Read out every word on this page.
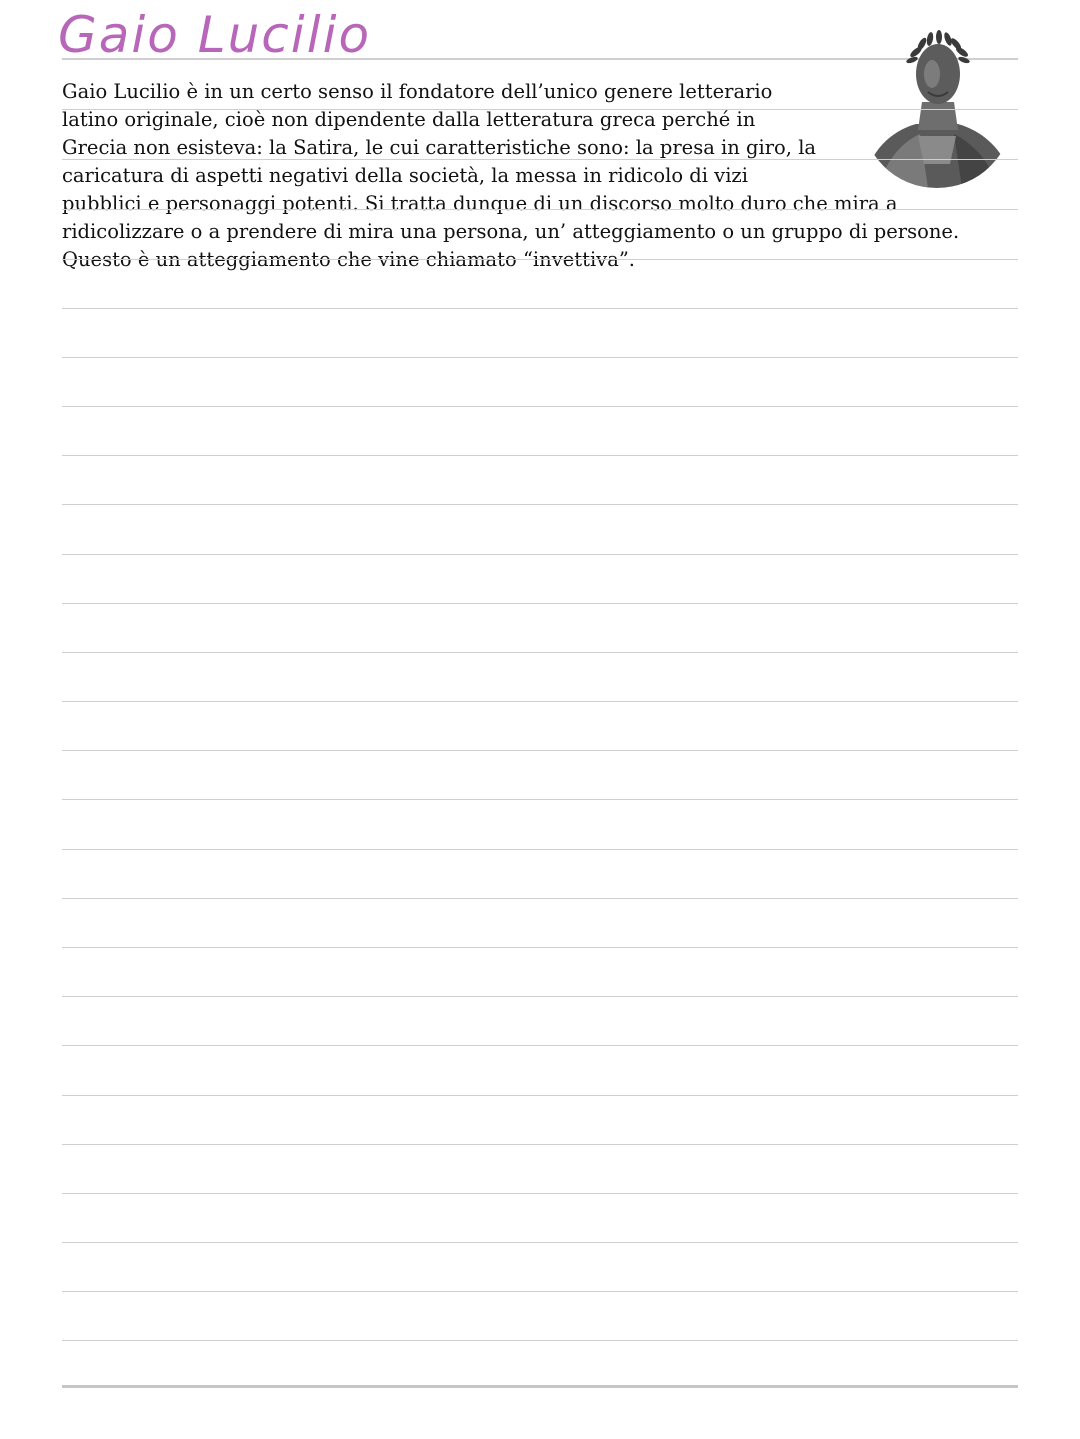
Gaio Lucilio

Gaio Lucilio è in un certo senso il fondatore dell’unico genere letterario latino originale, cioè non dipendente dalla letteratura greca perché in Grecia non esisteva: la Satira, le cui caratteristiche sono: la presa in giro, la caricatura di aspetti negativi della società, la messa in ridicolo di vizi pubblici e personaggi potenti. Si tratta dunque di un discorso molto duro che mira a ridicolizzare o a prendere di mira una persona, un’ atteggiamento o un gruppo di persone. Questo è un atteggiamento che vine chiamato “invettiva”.
